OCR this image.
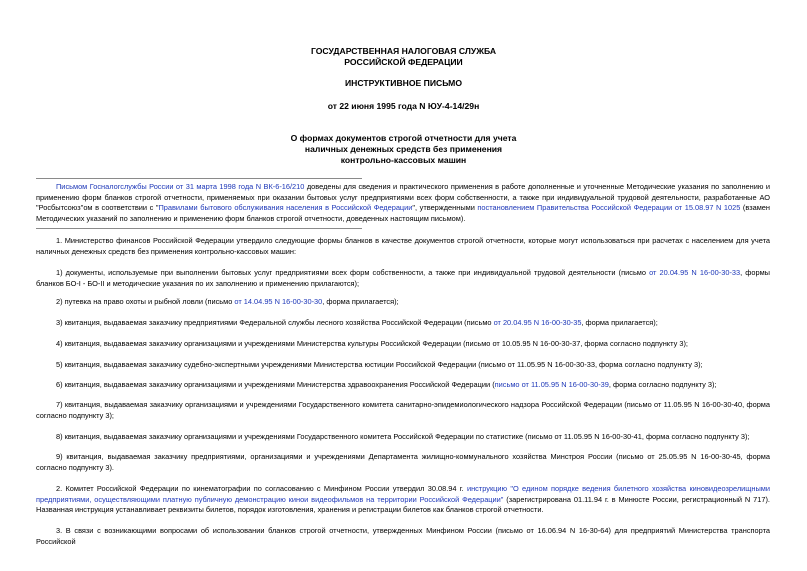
ГОСУДАРСТВЕННАЯ НАЛОГОВАЯ СЛУЖБА
РОССИЙСКОЙ ФЕДЕРАЦИИ
ИНСТРУКТИВНОЕ ПИСЬМО
от 22 июня 1995 года N ЮУ-4-14/29н
О формах документов строгой отчетности для учета
наличных денежных средств без применения
контрольно-кассовых машин
Письмом Госналогслужбы России от 31 марта 1998 года N ВК-6-16/210 доведены для сведения и практического применения в работе дополненные и уточненные Методические указания по заполнению и применению форм бланков строгой отчетности, применяемых при оказании бытовых услуг предприятиями всех форм собственности, а также при индивидуальной трудовой деятельности, разработанные АО "Росбытсоюз"ом в соответствии с "Правилами бытового обслуживания населения в Российской Федерации", утвержденными постановлением Правительства Российской Федерации от 15.08.97 N 1025 (взамен Методических указаний по заполнению и применению форм бланков строгой отчетности, доведенных настоящим письмом).
1. Министерство финансов Российской Федерации утвердило следующие формы бланков в качестве документов строгой отчетности, которые могут использоваться при расчетах с населением для учета наличных денежных средств без применения контрольно-кассовых машин:
1) документы, используемые при выполнении бытовых услуг предприятиями всех форм собственности, а также при индивидуальной трудовой деятельности (письмо от 20.04.95 N 16-00-30-33, формы бланков БО-I - БО-II и методические указания по их заполнению и применению прилагаются);
2) путевка на право охоты и рыбной ловли (письмо от 14.04.95 N 16-00-30-30, форма прилагается);
3) квитанция, выдаваемая заказчику предприятиями Федеральной службы лесного хозяйства Российской Федерации (письмо от 20.04.95 N 16-00-30-35, форма прилагается);
4) квитанция, выдаваемая заказчику организациями и учреждениями Министерства культуры Российской Федерации (письмо от 10.05.95 N 16-00-30-37, форма согласно подпункту 3);
5) квитанция, выдаваемая заказчику судебно-экспертными учреждениями Министерства юстиции Российской Федерации (письмо от 11.05.95 N 16-00-30-33, форма согласно подпункту 3);
6) квитанция, выдаваемая заказчику организациями и учреждениями Министерства здравоохранения Российской Федерации (письмо от 11.05.95 N 16-00-30-39, форма согласно подпункту 3);
7) квитанция, выдаваемая заказчику организациями и учреждениями Государственного комитета санитарно-эпидемиологического надзора Российской Федерации (письмо от 11.05.95 N 16-00-30-40, форма согласно подпункту 3);
8) квитанция, выдаваемая заказчику организациями и учреждениями Государственного комитета Российской Федерации по статистике (письмо от 11.05.95 N 16-00-30-41, форма согласно подпункту 3);
9) квитанция, выдаваемая заказчику предприятиями, организациями и учреждениями Департамента жилищно-коммунального хозяйства Минстроя России (письмо от 25.05.95 N 16-00-30-45, форма согласно подпункту 3).
2. Комитет Российской Федерации по кинематографии по согласованию с Минфином России утвердил 30.08.94 г. инструкцию "О едином порядке ведения билетного хозяйства киновидеозрелищными предприятиями, осуществляющими платную публичную демонстрацию кинои видеофильмов на территории Российской Федерации" (зарегистрирована 01.11.94 г. в Минюсте России, регистрационный N 717). Названная инструкция устанавливает реквизиты билетов, порядок изготовления, хранения и регистрации билетов как бланков строгой отчетности.
3. В связи с возникающими вопросами об использовании бланков строгой отчетности, утвержденных Минфином России (письмо от 16.06.94 N 16-30-64) для предприятий Министерства транспорта Российской
